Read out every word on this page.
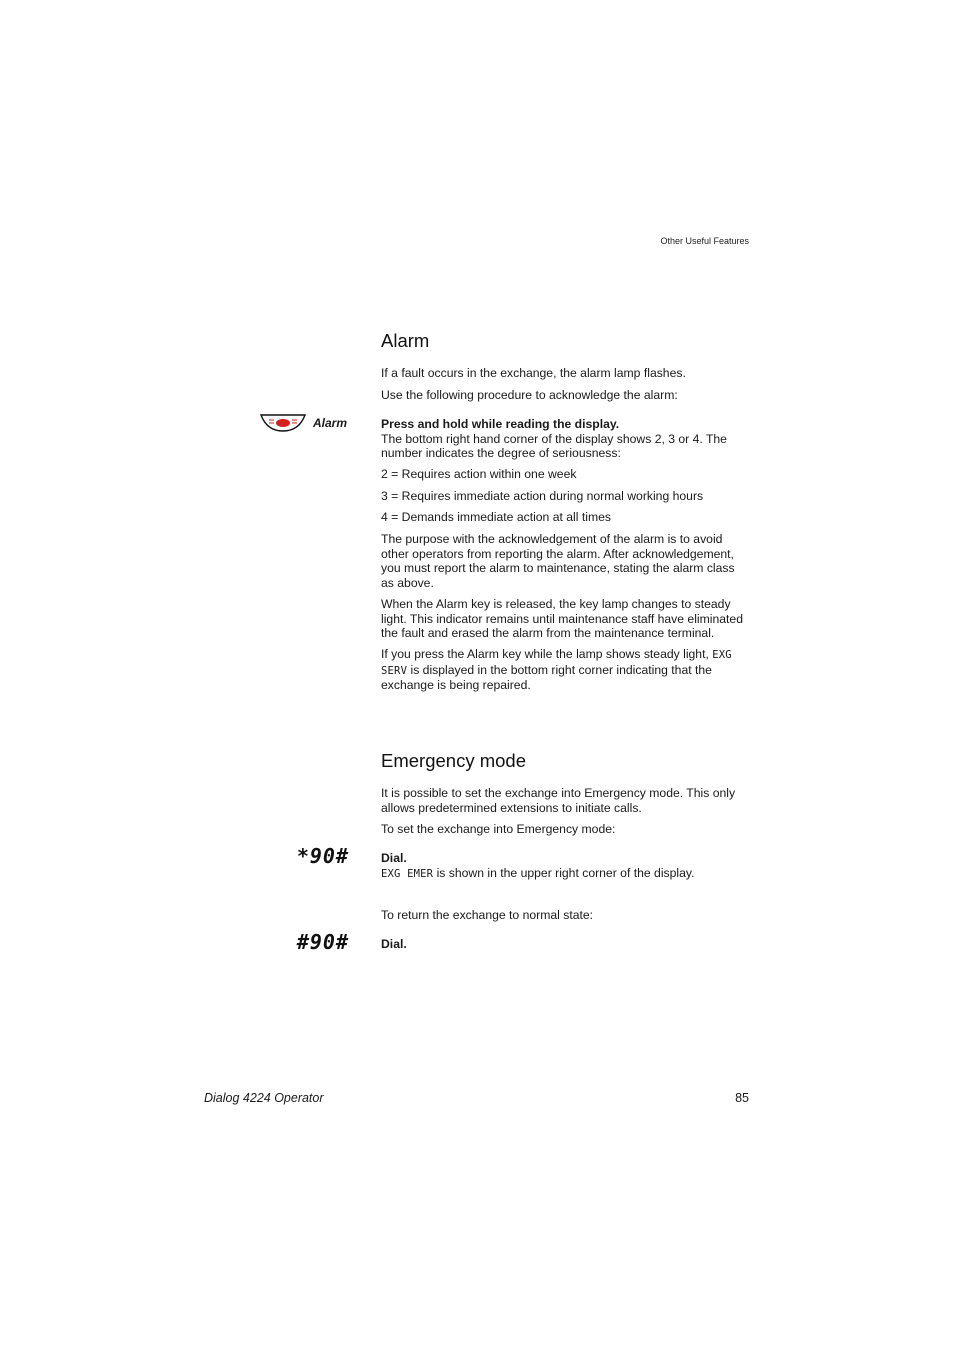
Other Useful Features
Alarm
If a fault occurs in the exchange, the alarm lamp flashes.
Use the following procedure to acknowledge the alarm:
Alarm	Press and hold while reading the display.

The bottom right hand corner of the display shows 2, 3 or 4. The number indicates the degree of seriousness:

2 = Requires action within one week
3 = Requires immediate action during normal working hours
4 = Demands immediate action at all times
The purpose with the acknowledgement of the alarm is to avoid other operators from reporting the alarm. After acknowledgement, you must report the alarm to maintenance, stating the alarm class as above.
When the Alarm key is released, the key lamp changes to steady light. This indicator remains until maintenance staff have eliminated the fault and erased the alarm from the maintenance terminal.
If you press the Alarm key while the lamp shows steady light, EXG SERV is displayed in the bottom right corner indicating that the exchange is being repaired.
Emergency mode
It is possible to set the exchange into Emergency mode. This only allows predetermined extensions to initiate calls.
To set the exchange into Emergency mode:
*90#	Dial.

EXG EMER is shown in the upper right corner of the display.

To return the exchange to normal state:
#90#	Dial.
Dialog 4224 Operator	85
